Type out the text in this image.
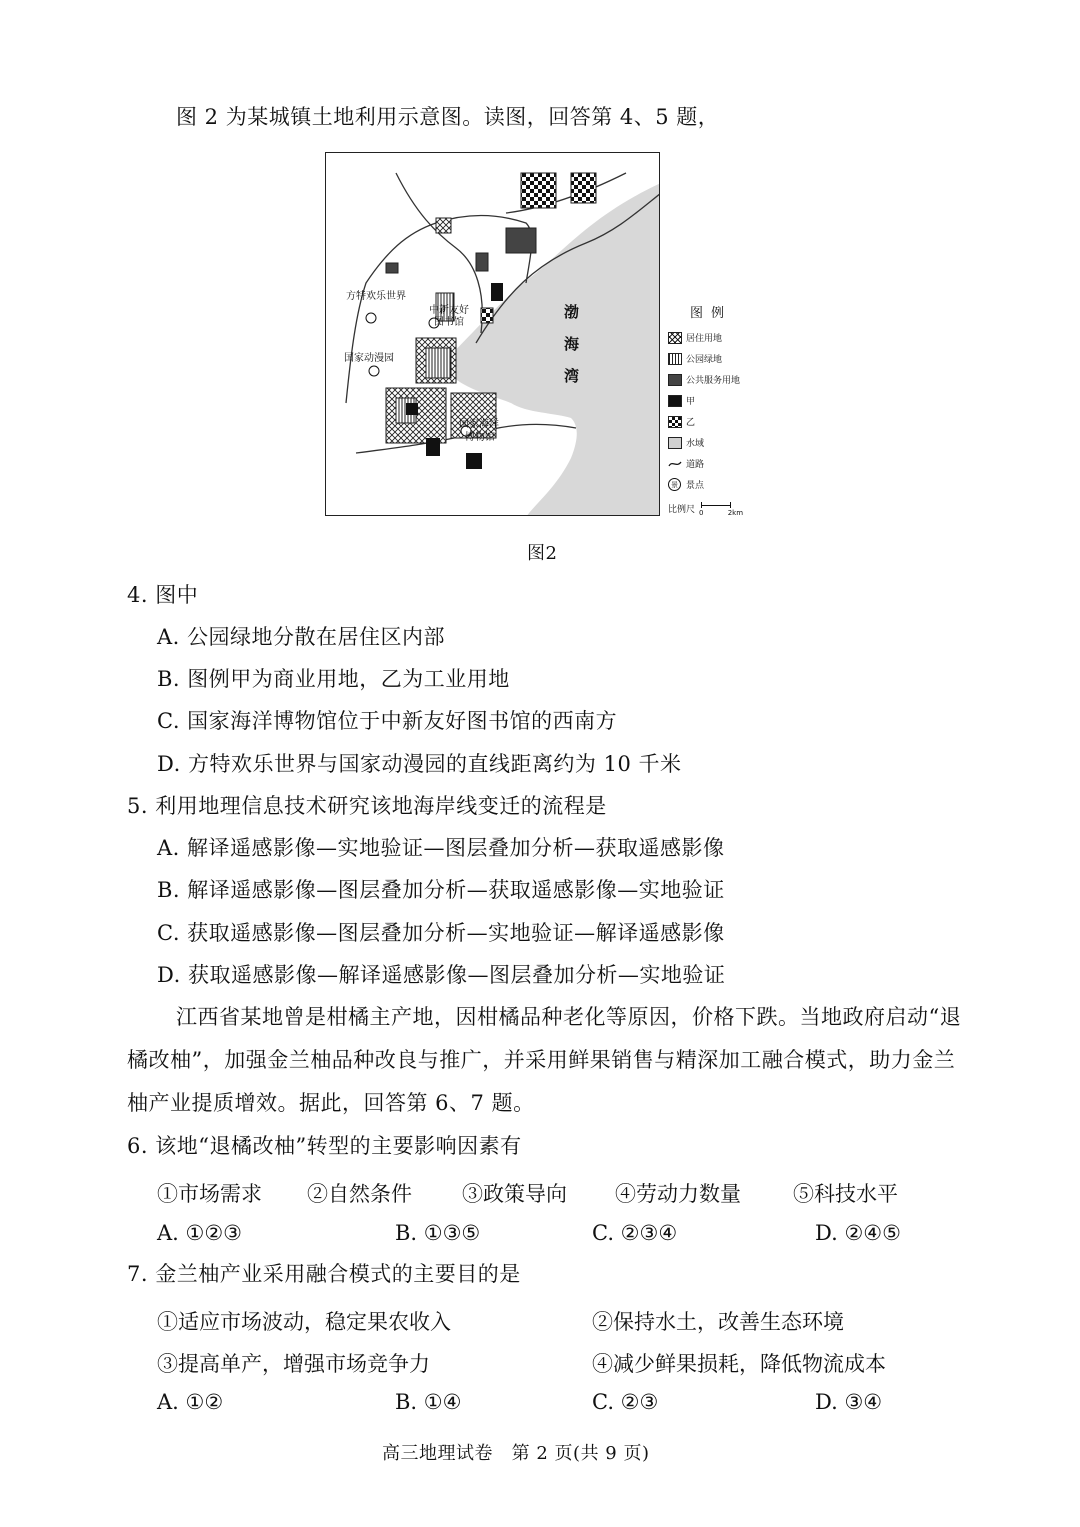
图 2 为某城镇土地利用示意图。读图，回答第 4、5 题，
方特欢乐世界
中新友好
图书馆
国家动漫园
国家海洋
博物馆
渤
海
湾
图例
居住用地
公园绿地
公共服务用地
甲
乙
水域
道路
景 景点
比例尺 0	2km
图2
4. 图中
A. 公园绿地分散在居住区内部
B. 图例甲为商业用地，乙为工业用地
C. 国家海洋博物馆位于中新友好图书馆的西南方
D. 方特欢乐世界与国家动漫园的直线距离约为 10 千米
5. 利用地理信息技术研究该地海岸线变迁的流程是
A. 解译遥感影像—实地验证—图层叠加分析—获取遥感影像
B. 解译遥感影像—图层叠加分析—获取遥感影像—实地验证
C. 获取遥感影像—图层叠加分析—实地验证—解译遥感影像
D. 获取遥感影像—解译遥感影像—图层叠加分析—实地验证
江西省某地曾是柑橘主产地，因柑橘品种老化等原因，价格下跌。当地政府启动“退
橘改柚”，加强金兰柚品种改良与推广，并采用鲜果销售与精深加工融合模式，助力金兰
柚产业提质增效。据此，回答第 6、7 题。
6. 该地“退橘改柚”转型的主要影响因素有
①市场需求 ②自然条件 ③政策导向 ④劳动力数量 ⑤科技水平
A. ①②③	B. ①③⑤	C. ②③④	D. ②④⑤
7. 金兰柚产业采用融合模式的主要目的是
①适应市场波动，稳定果农收入	②保持水土，改善生态环境
③提高单产，增强市场竞争力	④减少鲜果损耗，降低物流成本
A. ①②	B. ①④	C. ②③	D. ③④
高三地理试卷   第 2 页(共 9 页)
